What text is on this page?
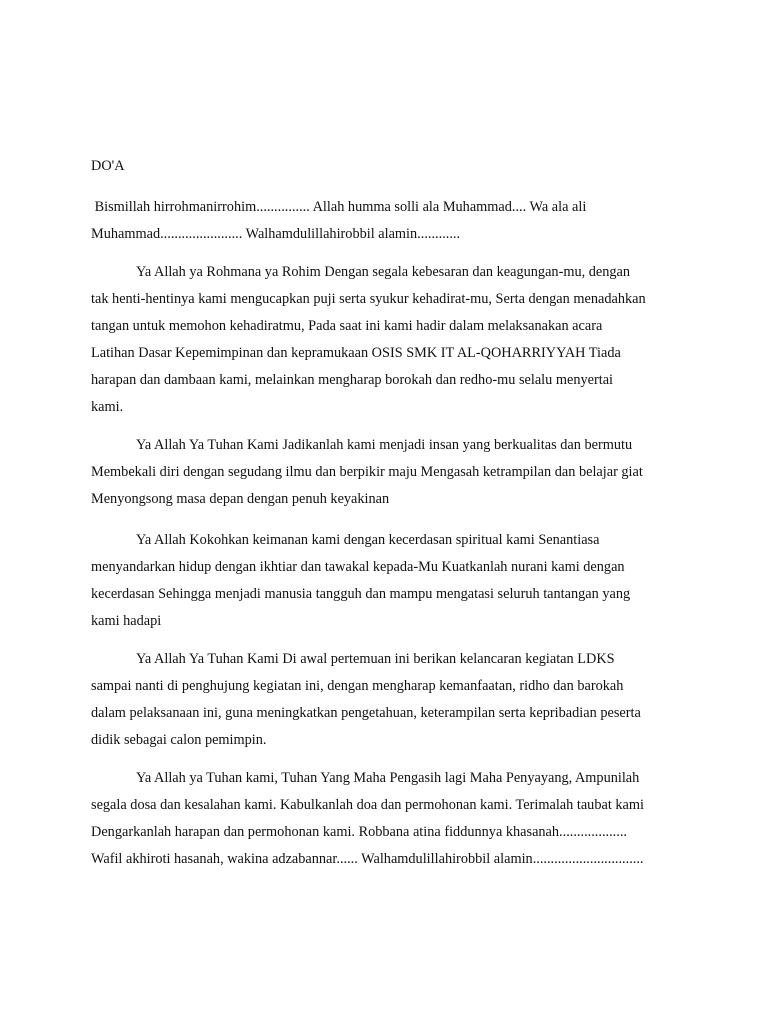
DO'A

Bismillah hirrohmanirrohim............... Allah humma solli ala Muhammad.... Wa ala ali
Muhammad....................... Walhamdulillahirobbil alamin............

Ya Allah ya Rohmana ya Rohim Dengan segala kebesaran dan keagungan-mu, dengan
tak henti-hentinya kami mengucapkan puji serta syukur kehadirat-mu, Serta dengan menadahkan
tangan untuk memohon kehadiratmu, Pada saat ini kami hadir dalam melaksanakan acara
Latihan Dasar Kepemimpinan dan kepramukaan OSIS SMK IT AL-QOHARRIYYAH Tiada
harapan dan dambaan kami, melainkan mengharap borokah dan redho-mu selalu menyertai
kami.

Ya Allah Ya Tuhan Kami Jadikanlah kami menjadi insan yang berkualitas dan bermutu
Membekali diri dengan segudang ilmu dan berpikir maju Mengasah ketrampilan dan belajar giat
Menyongsong masa depan dengan penuh keyakinan

Ya Allah Kokohkan keimanan kami dengan kecerdasan spiritual kami Senantiasa
menyandarkan hidup dengan ikhtiar dan tawakal kepada-Mu Kuatkanlah nurani kami dengan
kecerdasan Sehingga menjadi manusia tangguh dan mampu mengatasi seluruh tantangan yang
kami hadapi

Ya Allah Ya Tuhan Kami Di awal pertemuan ini berikan kelancaran kegiatan LDKS
sampai nanti di penghujung kegiatan ini, dengan mengharap kemanfaatan, ridho dan barokah
dalam pelaksanaan ini, guna meningkatkan pengetahuan, keterampilan serta kepribadian peserta
didik sebagai calon pemimpin.

Ya Allah ya Tuhan kami, Tuhan Yang Maha Pengasih lagi Maha Penyayang, Ampunilah
segala dosa dan kesalahan kami. Kabulkanlah doa dan permohonan kami. Terimalah taubat kami
Dengarkanlah harapan dan permohonan kami. Robbana atina fiddunnya khasanah...................
Wafil akhiroti hasanah, wakina adzabannar...... Walhamdulillahirobbil alamin...............................
